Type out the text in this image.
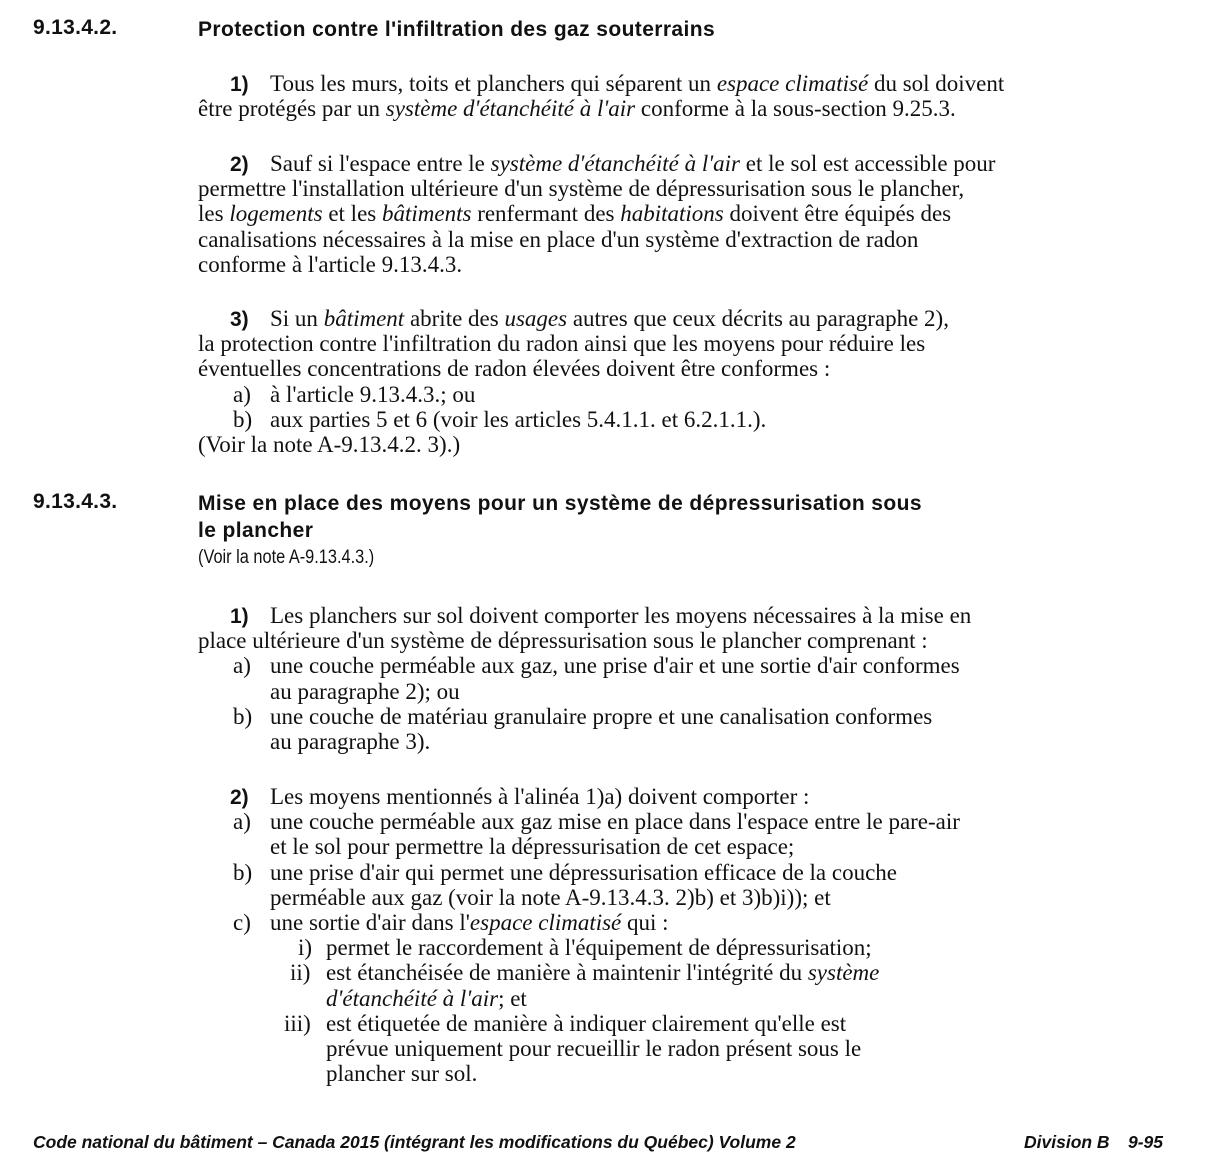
9.13.4.2.	Protection contre l'infiltration des gaz souterrains
1) Tous les murs, toits et planchers qui séparent un espace climatisé du sol doivent
être protégés par un système d'étanchéité à l'air conforme à la sous-section 9.25.3.
2) Sauf si l'espace entre le système d'étanchéité à l'air et le sol est accessible pour
permettre l'installation ultérieure d'un système de dépressurisation sous le plancher,
les logements et les bâtiments renfermant des habitations doivent être équipés des
canalisations nécessaires à la mise en place d'un système d'extraction de radon
conforme à l'article 9.13.4.3.
3) Si un bâtiment abrite des usages autres que ceux décrits au paragraphe 2),
la protection contre l'infiltration du radon ainsi que les moyens pour réduire les
éventuelles concentrations de radon élevées doivent être conformes :
a) à l'article 9.13.4.3.; ou
b) aux parties 5 et 6 (voir les articles 5.4.1.1. et 6.2.1.1.).
(Voir la note A-9.13.4.2. 3).)
9.13.4.3.	Mise en place des moyens pour un système de dépressurisation sous
le plancher
(Voir la note A-9.13.4.3.)
1) Les planchers sur sol doivent comporter les moyens nécessaires à la mise en
place ultérieure d'un système de dépressurisation sous le plancher comprenant :
a) une couche perméable aux gaz, une prise d'air et une sortie d'air conformes
au paragraphe 2); ou
b) une couche de matériau granulaire propre et une canalisation conformes
au paragraphe 3).
2) Les moyens mentionnés à l'alinéa 1)a) doivent comporter :
a) une couche perméable aux gaz mise en place dans l'espace entre le pare-air
et le sol pour permettre la dépressurisation de cet espace;
b) une prise d'air qui permet une dépressurisation efficace de la couche
perméable aux gaz (voir la note A-9.13.4.3. 2)b) et 3)b)i)); et
c) une sortie d'air dans l'espace climatisé qui :
i) permet le raccordement à l'équipement de dépressurisation;
ii) est étanchéisée de manière à maintenir l'intégrité du système
d'étanchéité à l'air; et
iii) est étiquetée de manière à indiquer clairement qu'elle est
prévue uniquement pour recueillir le radon présent sous le
plancher sur sol.
Code national du bâtiment – Canada 2015 (intégrant les modifications du Québec) Volume 2	Division B 9-95
